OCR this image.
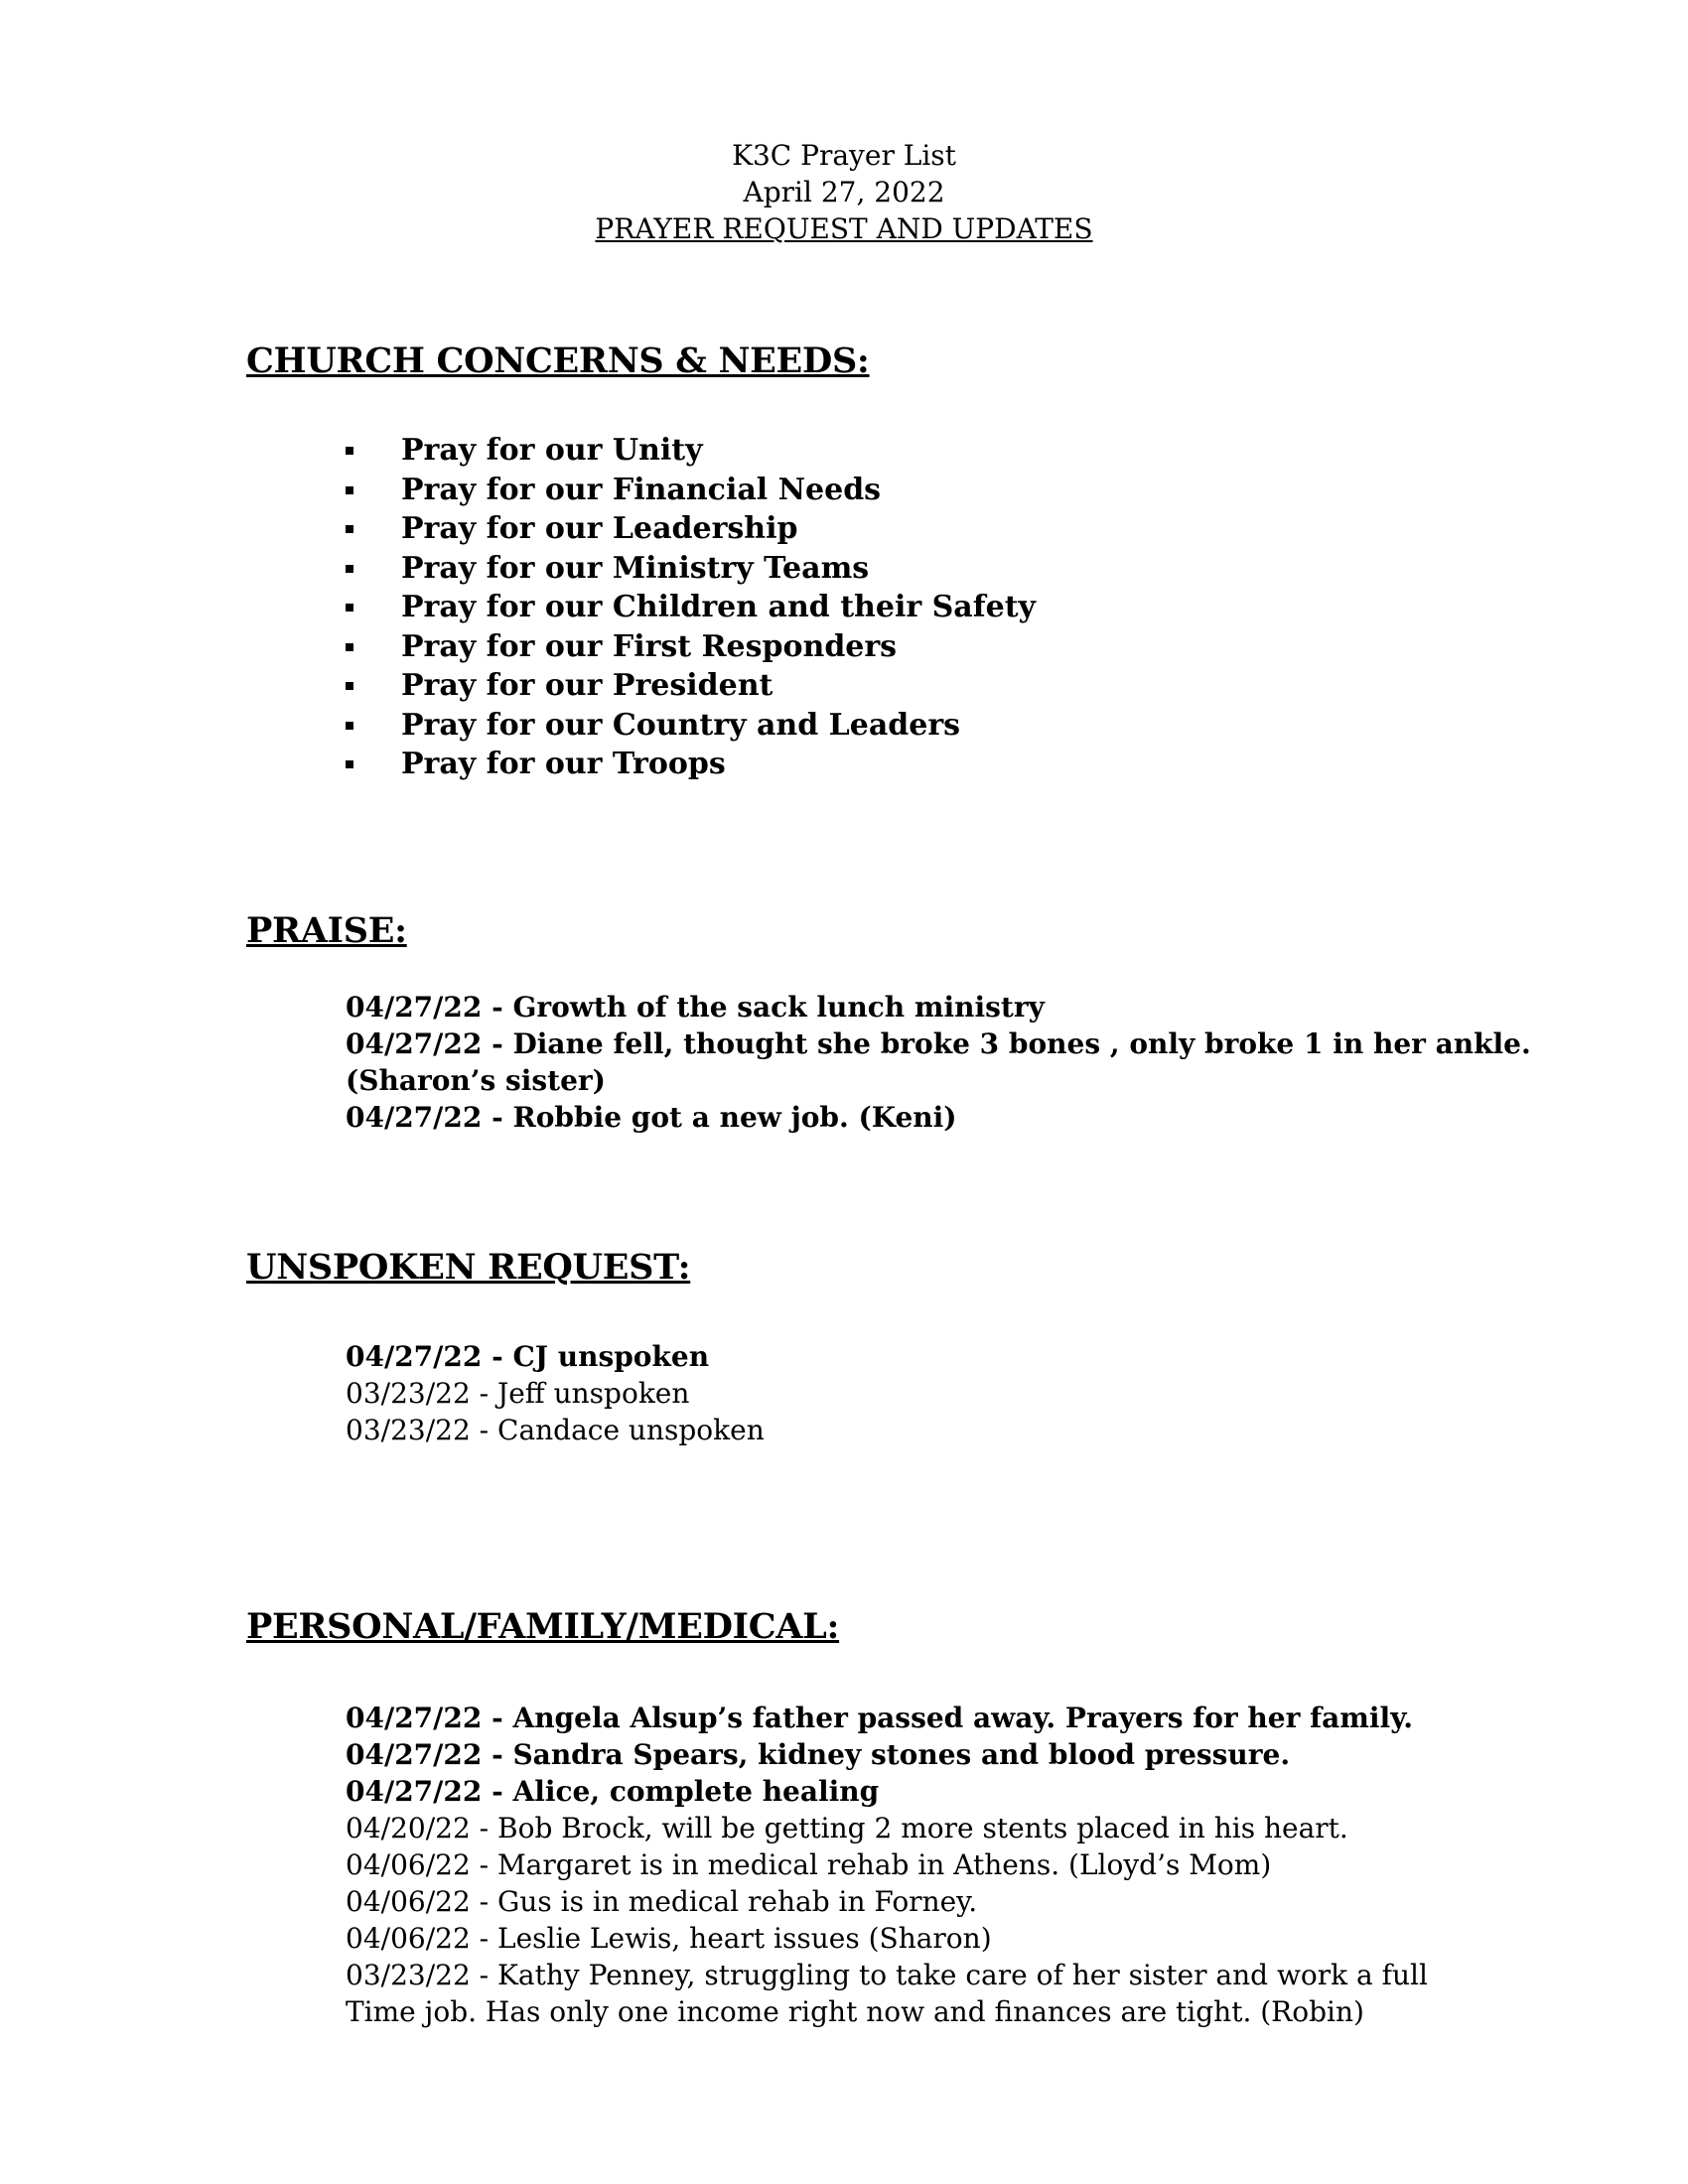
K3C Prayer List
April 27, 2022
PRAYER REQUEST AND UPDATES
CHURCH CONCERNS & NEEDS:
Pray for our Unity
Pray for our Financial Needs
Pray for our Leadership
Pray for our Ministry Teams
Pray for our Children and their Safety
Pray for our First Responders
Pray for our President
Pray for our Country and Leaders
Pray for our Troops
PRAISE:
04/27/22 - Growth of the sack lunch ministry
04/27/22 - Diane fell, thought she broke 3 bones , only broke 1 in her ankle.
(Sharon’s sister)
04/27/22 - Robbie got a new job. (Keni)
UNSPOKEN REQUEST:
04/27/22 - CJ unspoken
03/23/22 - Jeff unspoken
03/23/22 - Candace unspoken
PERSONAL/FAMILY/MEDICAL:
04/27/22 - Angela Alsup’s father passed away. Prayers for her family.
04/27/22 - Sandra Spears, kidney stones and blood pressure.
04/27/22 - Alice, complete healing
04/20/22 - Bob Brock, will be getting 2 more stents placed in his heart.
04/06/22 - Margaret is in medical rehab in Athens. (Lloyd’s Mom)
04/06/22 - Gus is in medical rehab in Forney.
04/06/22 - Leslie Lewis, heart issues (Sharon)
03/23/22 - Kathy Penney, struggling to take care of her sister and work a full
Time job. Has only one income right now and finances are tight. (Robin)
